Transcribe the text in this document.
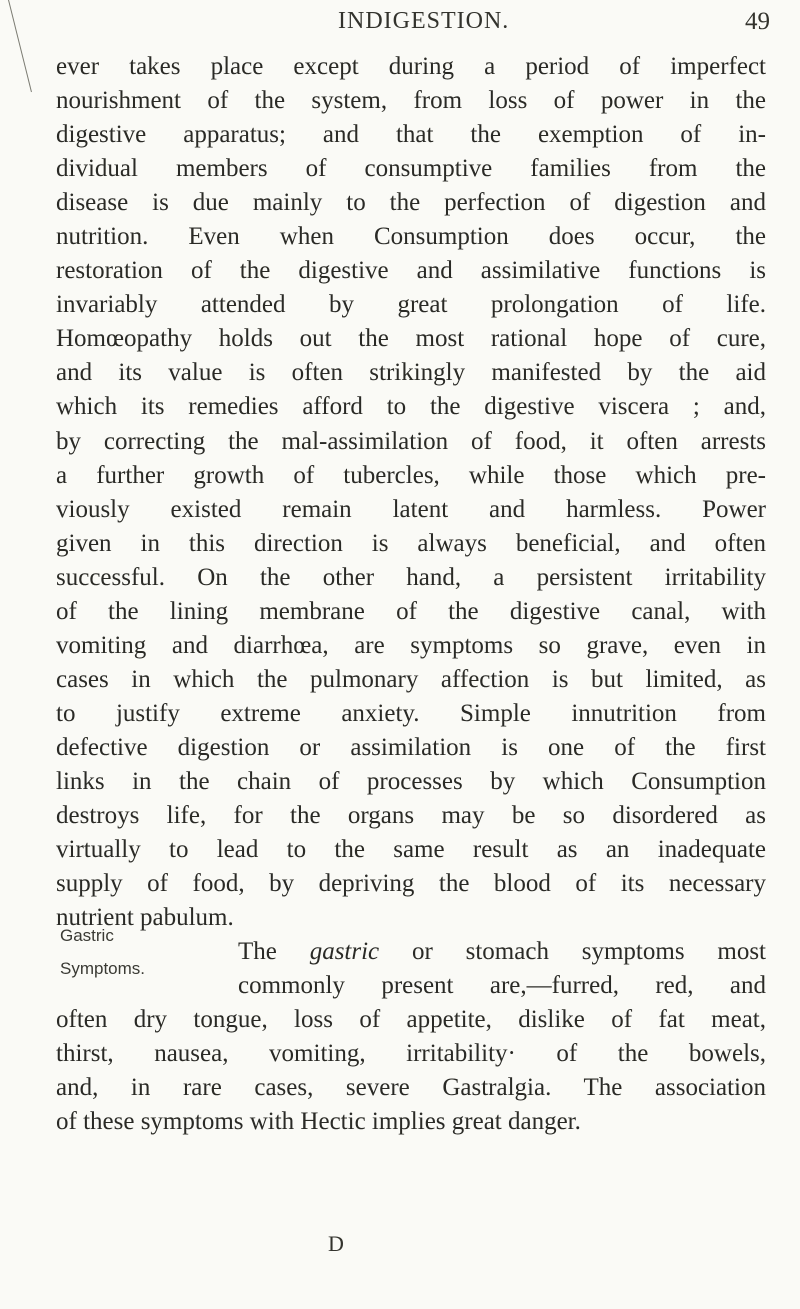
INDIGESTION.	49
ever takes place except during a period of imperfect
nourishment of the system, from loss of power in the
digestive apparatus; and that the exemption of in-
dividual members of consumptive families from the
disease is due mainly to the perfection of digestion and
nutrition. Even when Consumption does occur, the
restoration of the digestive and assimilative functions is
invariably attended by great prolongation of life.
Homœopathy holds out the most rational hope of cure,
and its value is often strikingly manifested by the aid
which its remedies afford to the digestive viscera ; and,
by correcting the mal-assimilation of food, it often arrests
a further growth of tubercles, while those which pre-
viously existed remain latent and harmless. Power
given in this direction is always beneficial, and often
successful. On the other hand, a persistent irritability
of the lining membrane of the digestive canal, with
vomiting and diarrhœa, are symptoms so grave, even in
cases in which the pulmonary affection is but limited, as
to justify extreme anxiety. Simple innutrition from
defective digestion or assimilation is one of the first
links in the chain of processes by which Consumption
destroys life, for the organs may be so disordered as
virtually to lead to the same result as an inadequate
supply of food, by depriving the blood of its necessary
nutrient pabulum.
The gastric or stomach symptoms most
commonly present are,—furred, red, and
often dry tongue, loss of appetite, dislike of fat meat,
thirst, nausea, vomiting, irritability· of the bowels,
and, in rare cases, severe Gastralgia. The association
of these symptoms with Hectic implies great danger.
Gastric
Symptoms.
D
